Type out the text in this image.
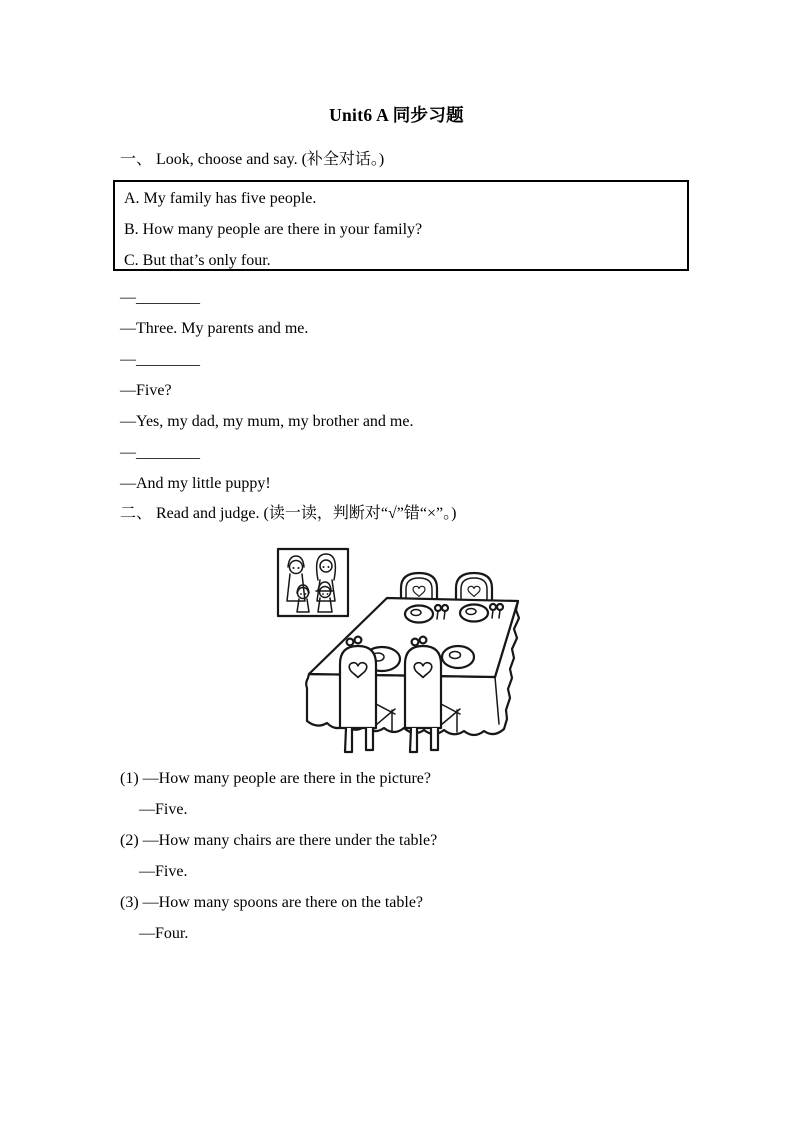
Unit6 A 同步习题
一、 Look, choose and say. (补全对话。)
A. My family has five people.
B. How many people are there in your family?
C. But that’s only four.
—________
—Three. My parents and me.
—________
—Five?
—Yes, my dad, my mum, my brother and me.
—________
—And my little puppy!
二、 Read and judge. (读一读，判断对“√”错“×”。)
(1) —How many people are there in the picture?
—Five.
(2) —How many chairs are there under the table?
—Five.
(3) —How many spoons are there on the table?
—Four.
